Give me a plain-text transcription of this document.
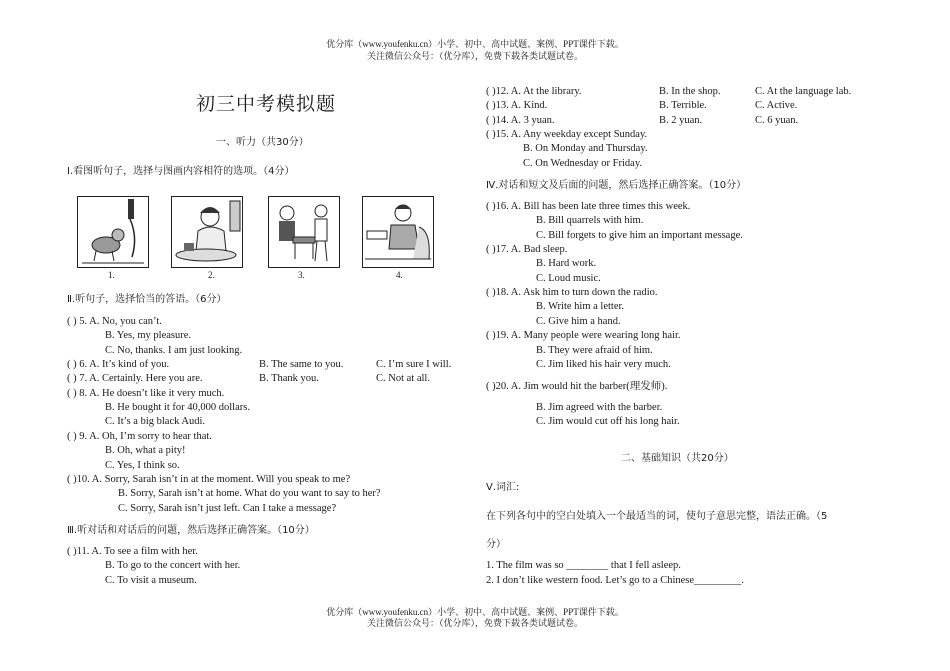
优分库（www.youfenku.cn）小学、初中、高中试题、案例、PPT课件下载。
关注微信公众号：（优分库），免费下载各类试题试卷。
初三中考模拟题
一、听力（共30分）
Ⅰ.看图听句子，选择与图画内容相符的选项。（4分）
1.	2.	3.	4.
Ⅱ.听句子，选择恰当的答语。（6分）
( ) 5. A. No, you can’t.
B. Yes, my pleasure.
C. No, thanks. I am just looking.
( ) 6. A. It’s kind of you.	B. The same to you.	C. I’m sure I will.
( ) 7. A. Certainly. Here you are.	B. Thank you.	C. Not at all.
( ) 8. A. He doesn’t like it very much.
B. He bought it for 40,000 dollars.
C. It’s a big black Audi.
( ) 9. A. Oh, I’m sorry to hear that.
B. Oh, what a pity!
C. Yes, I think so.
( )10. A. Sorry, Sarah isn’t in at the moment. Will you speak to me?
B. Sorry, Sarah isn’t at home. What do you want to say to her?
C. Sorry, Sarah isn’t just left. Can I take a message?
Ⅲ.听对话和对话后的问题，然后选择正确答案。（10分）
( )11. A. To see a film with her.
B. To go to the concert with her.
C. To visit a museum.
( )12. A. At the library.	B. In the shop.	C. At the language lab.
( )13. A. Kind.	B. Terrible.	C. Active.
( )14. A. 3 yuan.	B. 2 yuan.	C. 6 yuan.
( )15. A. Any weekday except Sunday.
B. On Monday and Thursday.
C. On Wednesday or Friday.
Ⅳ.对话和短文及后面的问题，然后选择正确答案。（10分）
( )16. A. Bill has been late three times this week.
B. Bill quarrels with him.
C. Bill forgets to give him an important message.
( )17. A. Bad sleep.
B. Hard work.
C. Loud music.
( )18. A. Ask him to turn down the radio.
B. Write him a letter.
C. Give him a hand.
( )19. A. Many people were wearing long hair.
B. They were afraid of him.
C. Jim liked his hair very much.
( )20. A. Jim would hit the barber(理发师).
B. Jim agreed with the barber.
C. Jim would cut off his long hair.
二、基础知识（共20分）
Ⅴ.词汇:
在下列各句中的空白处填入一个最适当的词，使句子意思完整，语法正确。（5
分）
1. The film was so ________ that I fell asleep.
2. I don’t like western food. Let’s go to a Chinese_________.
优分库（www.youfenku.cn）小学、初中、高中试题、案例、PPT课件下载。
关注微信公众号：（优分库），免费下载各类试题试卷。
